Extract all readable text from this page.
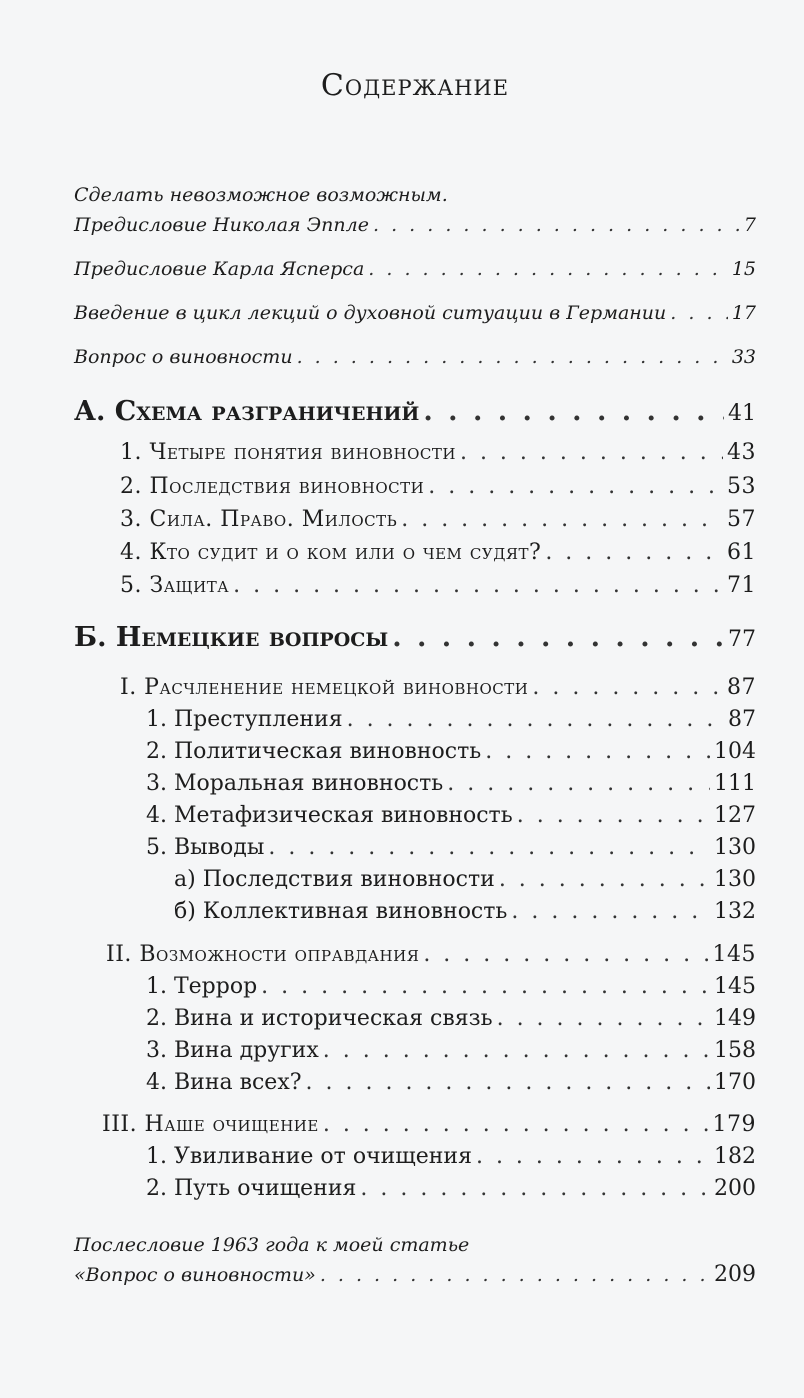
Содержание
Сделать невозможное возможным.
Предисловие Николая Эппле . . .	7
Предисловие Карла Ясперса . . .	15
Введение в цикл лекций о духовной ситуации в Германии . . .	17
Вопрос о виновности . . .	33
А. Схема разграничений . . .	41
1. Четыре понятия виновности . . .	43
2. Последствия виновности . . .	53
3. Сила. Право. Милость . . .	57
4. Кто судит и о ком или о чем судят? . . .	61
5. Защита . . .	71
Б. Немецкие вопросы . . .	77
I. Расчленение немецкой виновности . . .	87
1. Преступления . . .	87
2. Политическая виновность . . .	104
3. Моральная виновность . . .	111
4. Метафизическая виновность . . .	127
5. Выводы . . .	130
а) Последствия виновности . . .	130
б) Коллективная виновность . . .	132
II. Возможности оправдания . . .	145
1. Террор . . .	145
2. Вина и историческая связь . . .	149
3. Вина других . . .	158
4. Вина всех? . . .	170
III. Наше очищение . . .	179
1. Увиливание от очищения . . .	182
2. Путь очищения . . .	200
Послесловие 1963 года к моей статье
«Вопрос о виновности» . . .	209
